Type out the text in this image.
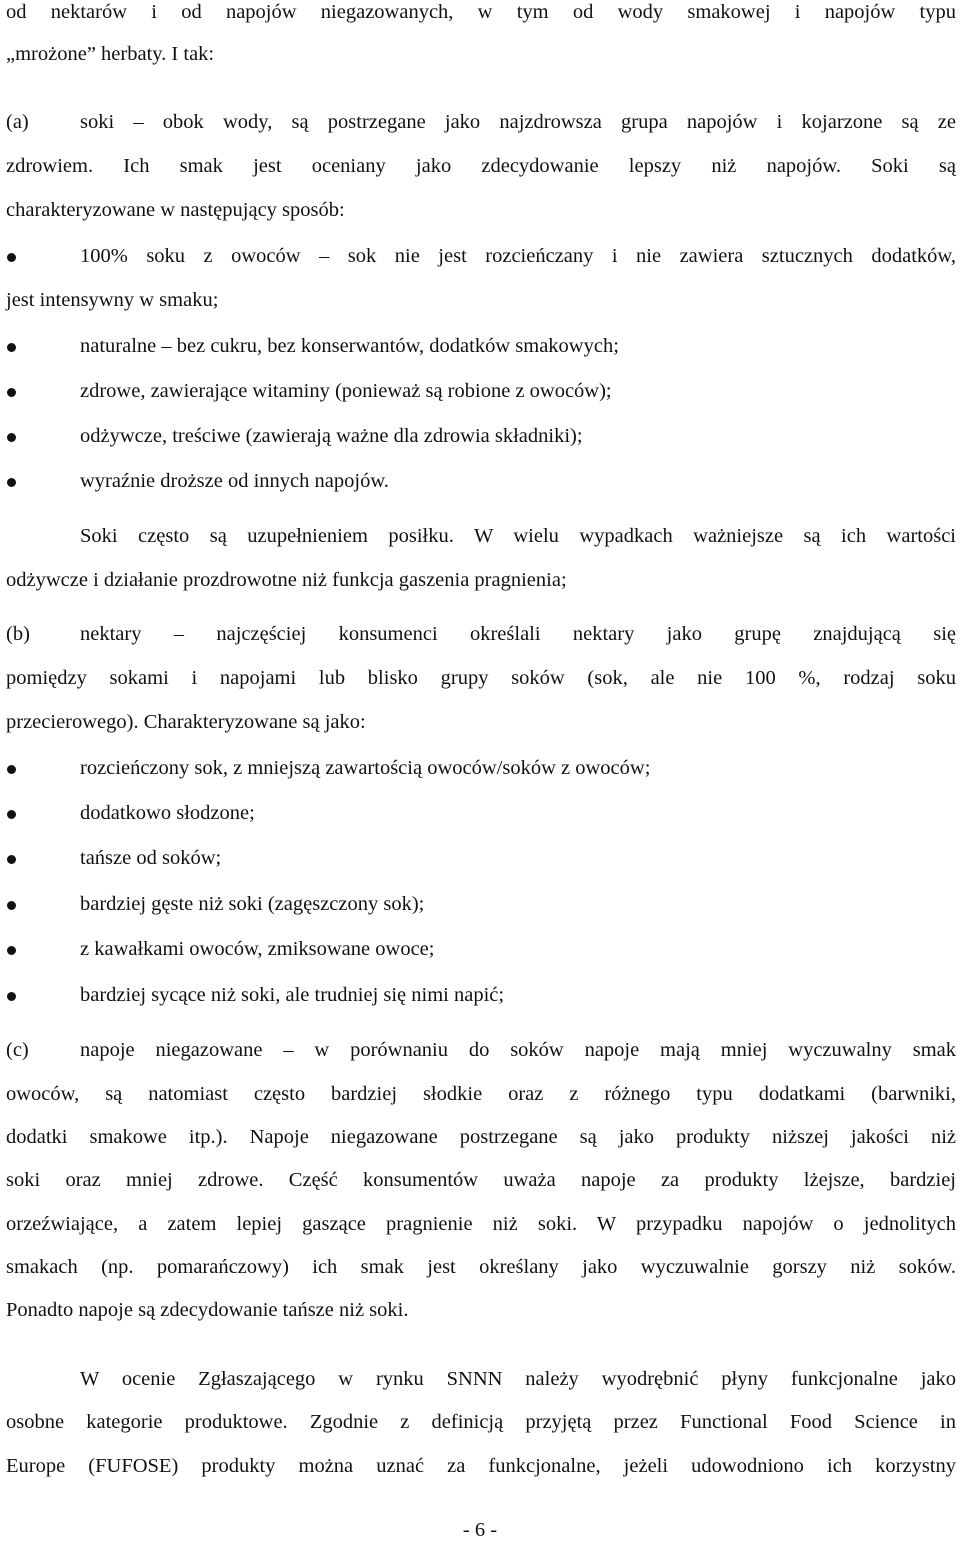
od nektarów i od napojów niegazowanych, w tym od wody smakowej i napojów typu
„mrożone” herbaty. I tak:
(a) soki – obok wody, są postrzegane jako najzdrowsza grupa napojów i kojarzone są ze
zdrowiem. Ich smak jest oceniany jako zdecydowanie lepszy niż napojów. Soki są
charakteryzowane w następujący sposób:
100% soku z owoców – sok nie jest rozcieńczany i nie zawiera sztucznych dodatków,
jest intensywny w smaku;
naturalne – bez cukru, bez konserwantów, dodatków smakowych;
zdrowe, zawierające witaminy (ponieważ są robione z owoców);
odżywcze, treściwe (zawierają ważne dla zdrowia składniki);
wyraźnie droższe od innych napojów.
Soki często są uzupełnieniem posiłku. W wielu wypadkach ważniejsze są ich wartości
odżywcze i działanie prozdrowotne niż funkcja gaszenia pragnienia;
(b) nektary – najczęściej konsumenci określali nektary jako grupę znajdującą się
pomiędzy sokami i napojami lub blisko grupy soków (sok, ale nie 100 %, rodzaj soku
przecierowego). Charakteryzowane są jako:
rozcieńczony sok, z mniejszą zawartością owoców/soków z owoców;
dodatkowo słodzone;
tańsze od soków;
bardziej gęste niż soki (zagęszczony sok);
z kawałkami owoców, zmiksowane owoce;
bardziej sycące niż soki, ale trudniej się nimi napić;
(c) napoje niegazowane – w porównaniu do soków napoje mają mniej wyczuwalny smak
owoców, są natomiast często bardziej słodkie oraz z różnego typu dodatkami (barwniki,
dodatki smakowe itp.). Napoje niegazowane postrzegane są jako produkty niższej jakości niż
soki oraz mniej zdrowe. Część konsumentów uważa napoje za produkty lżejsze, bardziej
orzeźwiające, a zatem lepiej gaszące pragnienie niż soki. W przypadku napojów o jednolitych
smakach (np. pomarańczowy) ich smak jest określany jako wyczuwalnie gorszy niż soków.
Ponadto napoje są zdecydowanie tańsze niż soki.
W ocenie Zgłaszającego w rynku SNNN należy wyodrębnić płyny funkcjonalne jako
osobne kategorie produktowe. Zgodnie z definicją przyjętą przez Functional Food Science in
Europe (FUFOSE) produkty można uznać za funkcjonalne, jeżeli udowodniono ich korzystny
- 6 -
